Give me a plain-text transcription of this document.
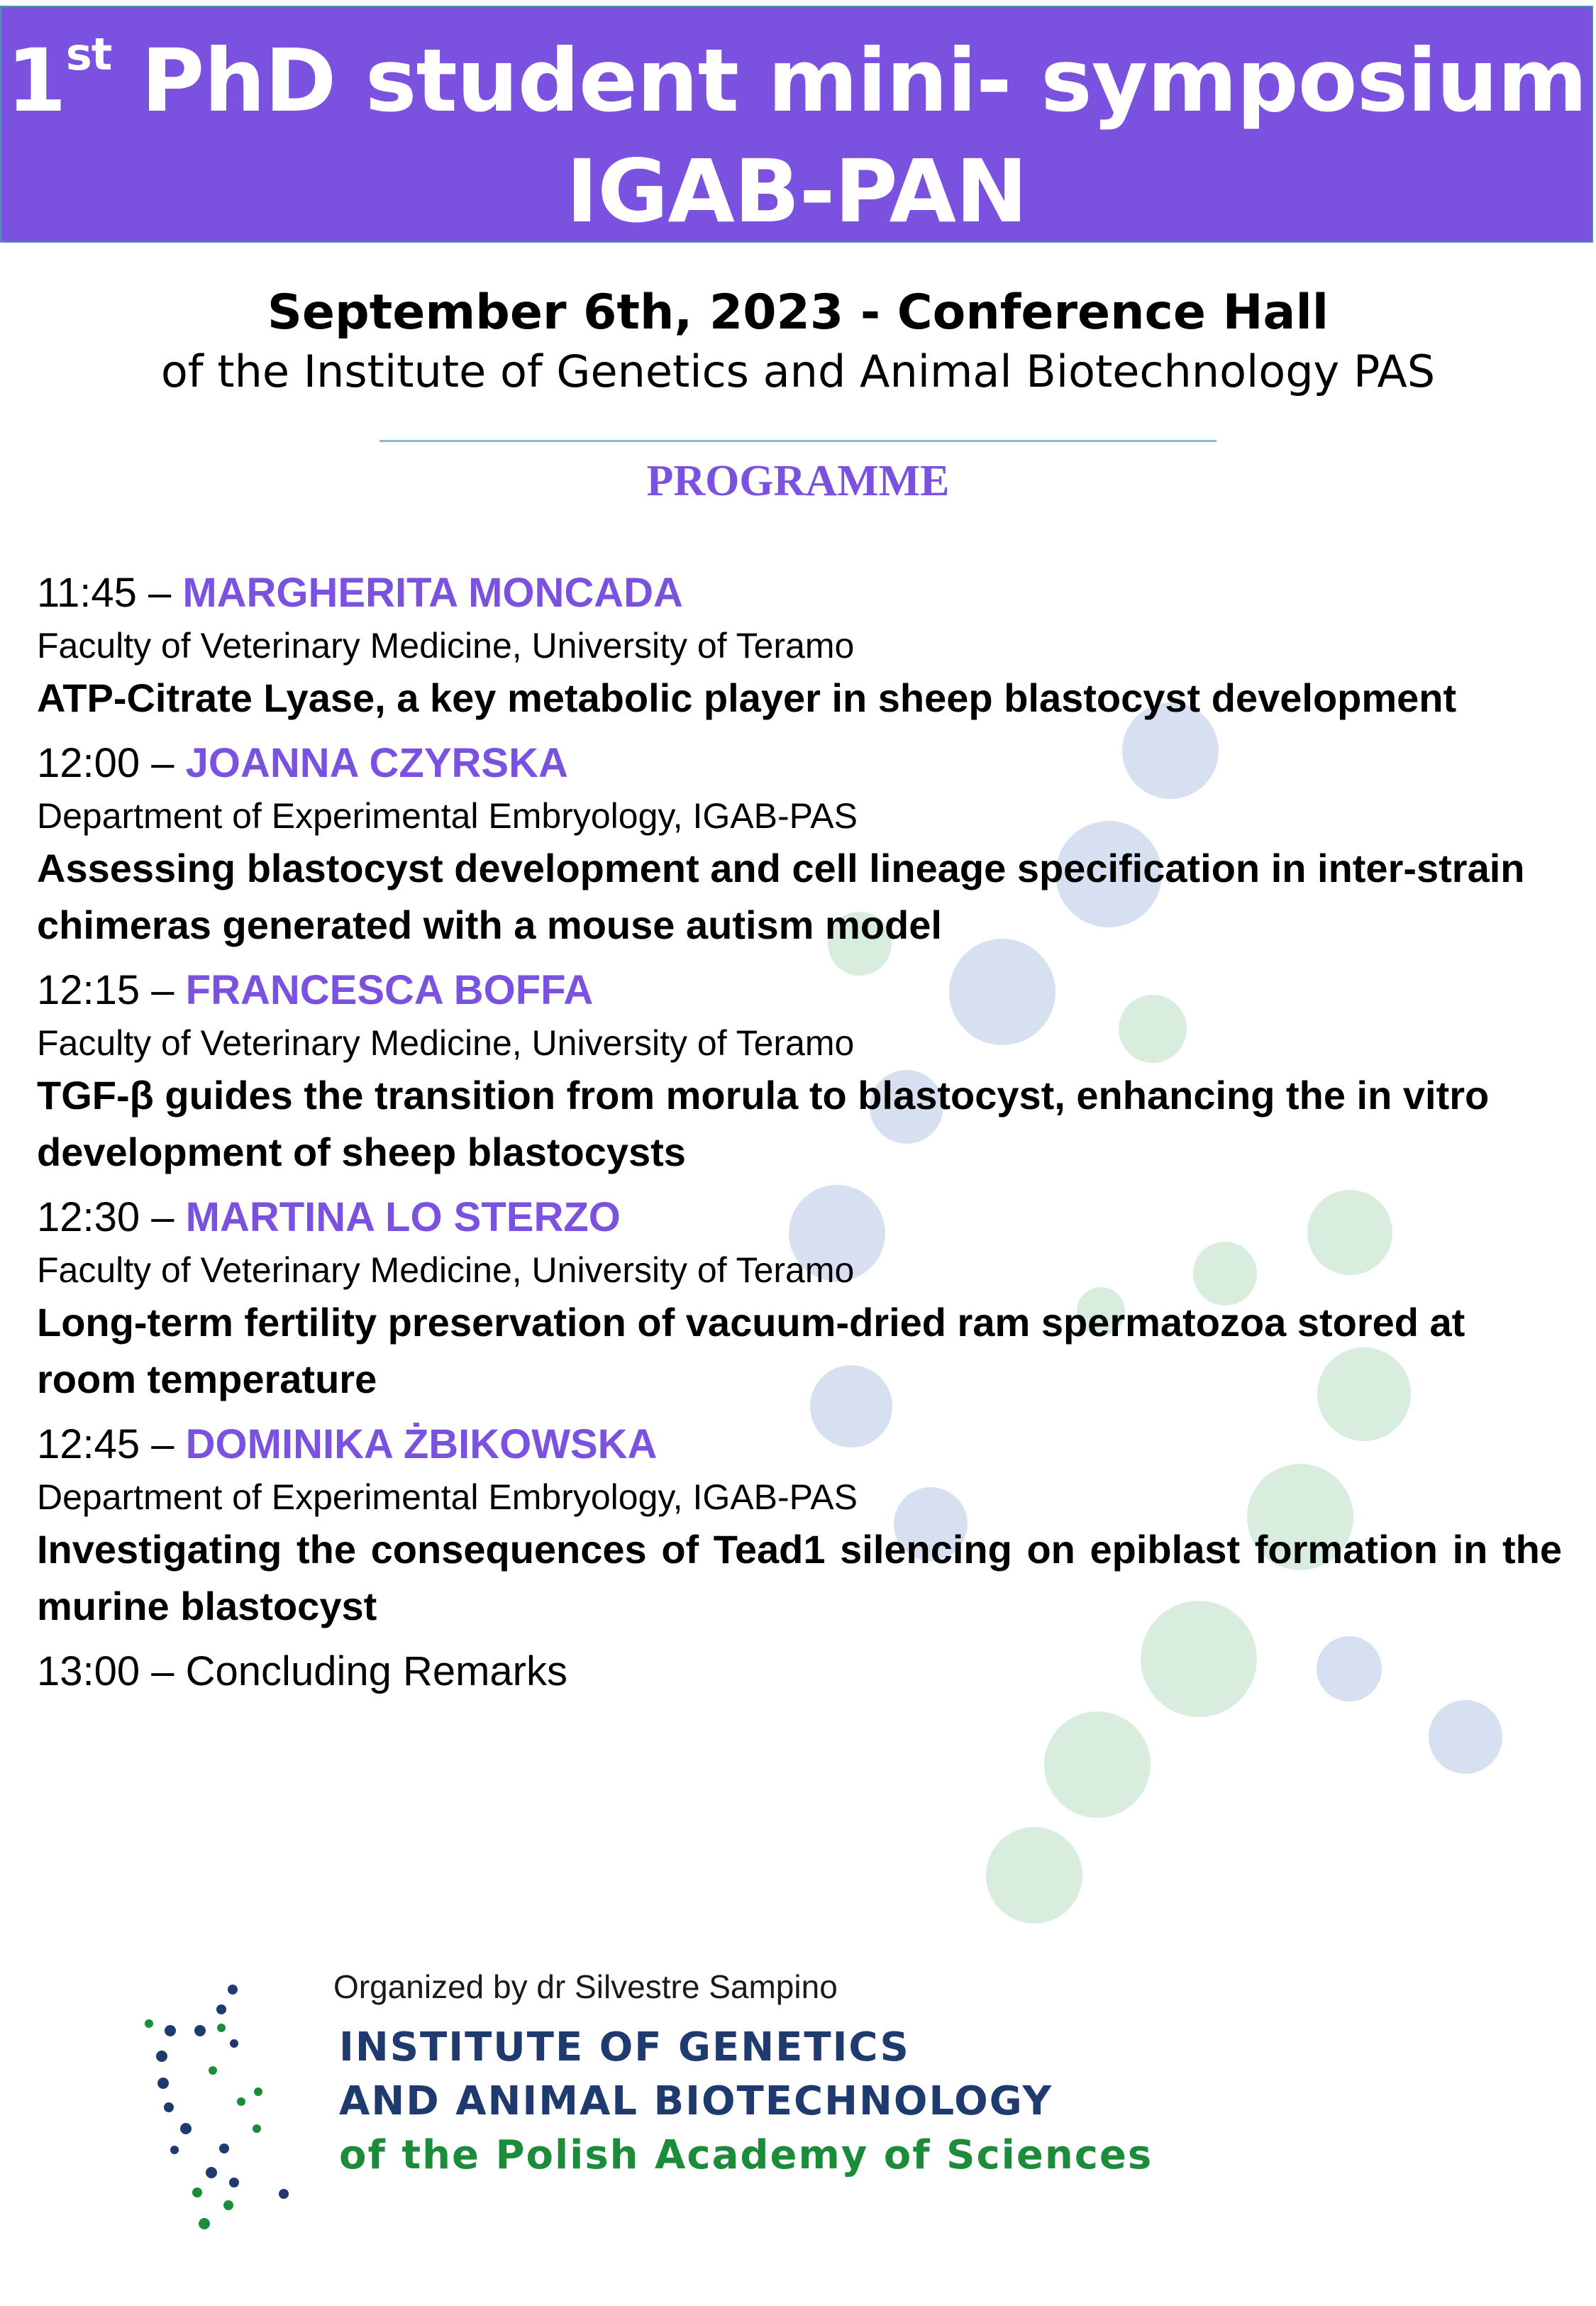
1st PhD student mini- symposium
IGAB-PAN
September 6th, 2023 - Conference Hall
of the Institute of Genetics and Animal Biotechnology PAS
PROGRAMME
11:45 – MARGHERITA MONCADA
Faculty of Veterinary Medicine, University of Teramo
ATP-Citrate Lyase, a key metabolic player in sheep blastocyst development
12:00 – JOANNA CZYRSKA
Department of Experimental Embryology, IGAB-PAS
Assessing blastocyst development and cell lineage specification in inter-strain chimeras generated with a mouse autism model
12:15 – FRANCESCA BOFFA
Faculty of Veterinary Medicine, University of Teramo
TGF-β guides the transition from morula to blastocyst, enhancing the in vitro development of sheep blastocysts
12:30 – MARTINA LO STERZO
Faculty of Veterinary Medicine, University of Teramo
Long-term fertility preservation of vacuum-dried ram spermatozoa stored at room temperature
12:45 – DOMINIKA ŻBIKOWSKA
Department of Experimental Embryology, IGAB-PAS
Investigating the consequences of Tead1 silencing on epiblast formation in the murine blastocyst
13:00 – Concluding Remarks
Organized by dr Silvestre Sampino
INSTITUTE OF GENETICS
AND ANIMAL BIOTECHNOLOGY
of the Polish Academy of Sciences
